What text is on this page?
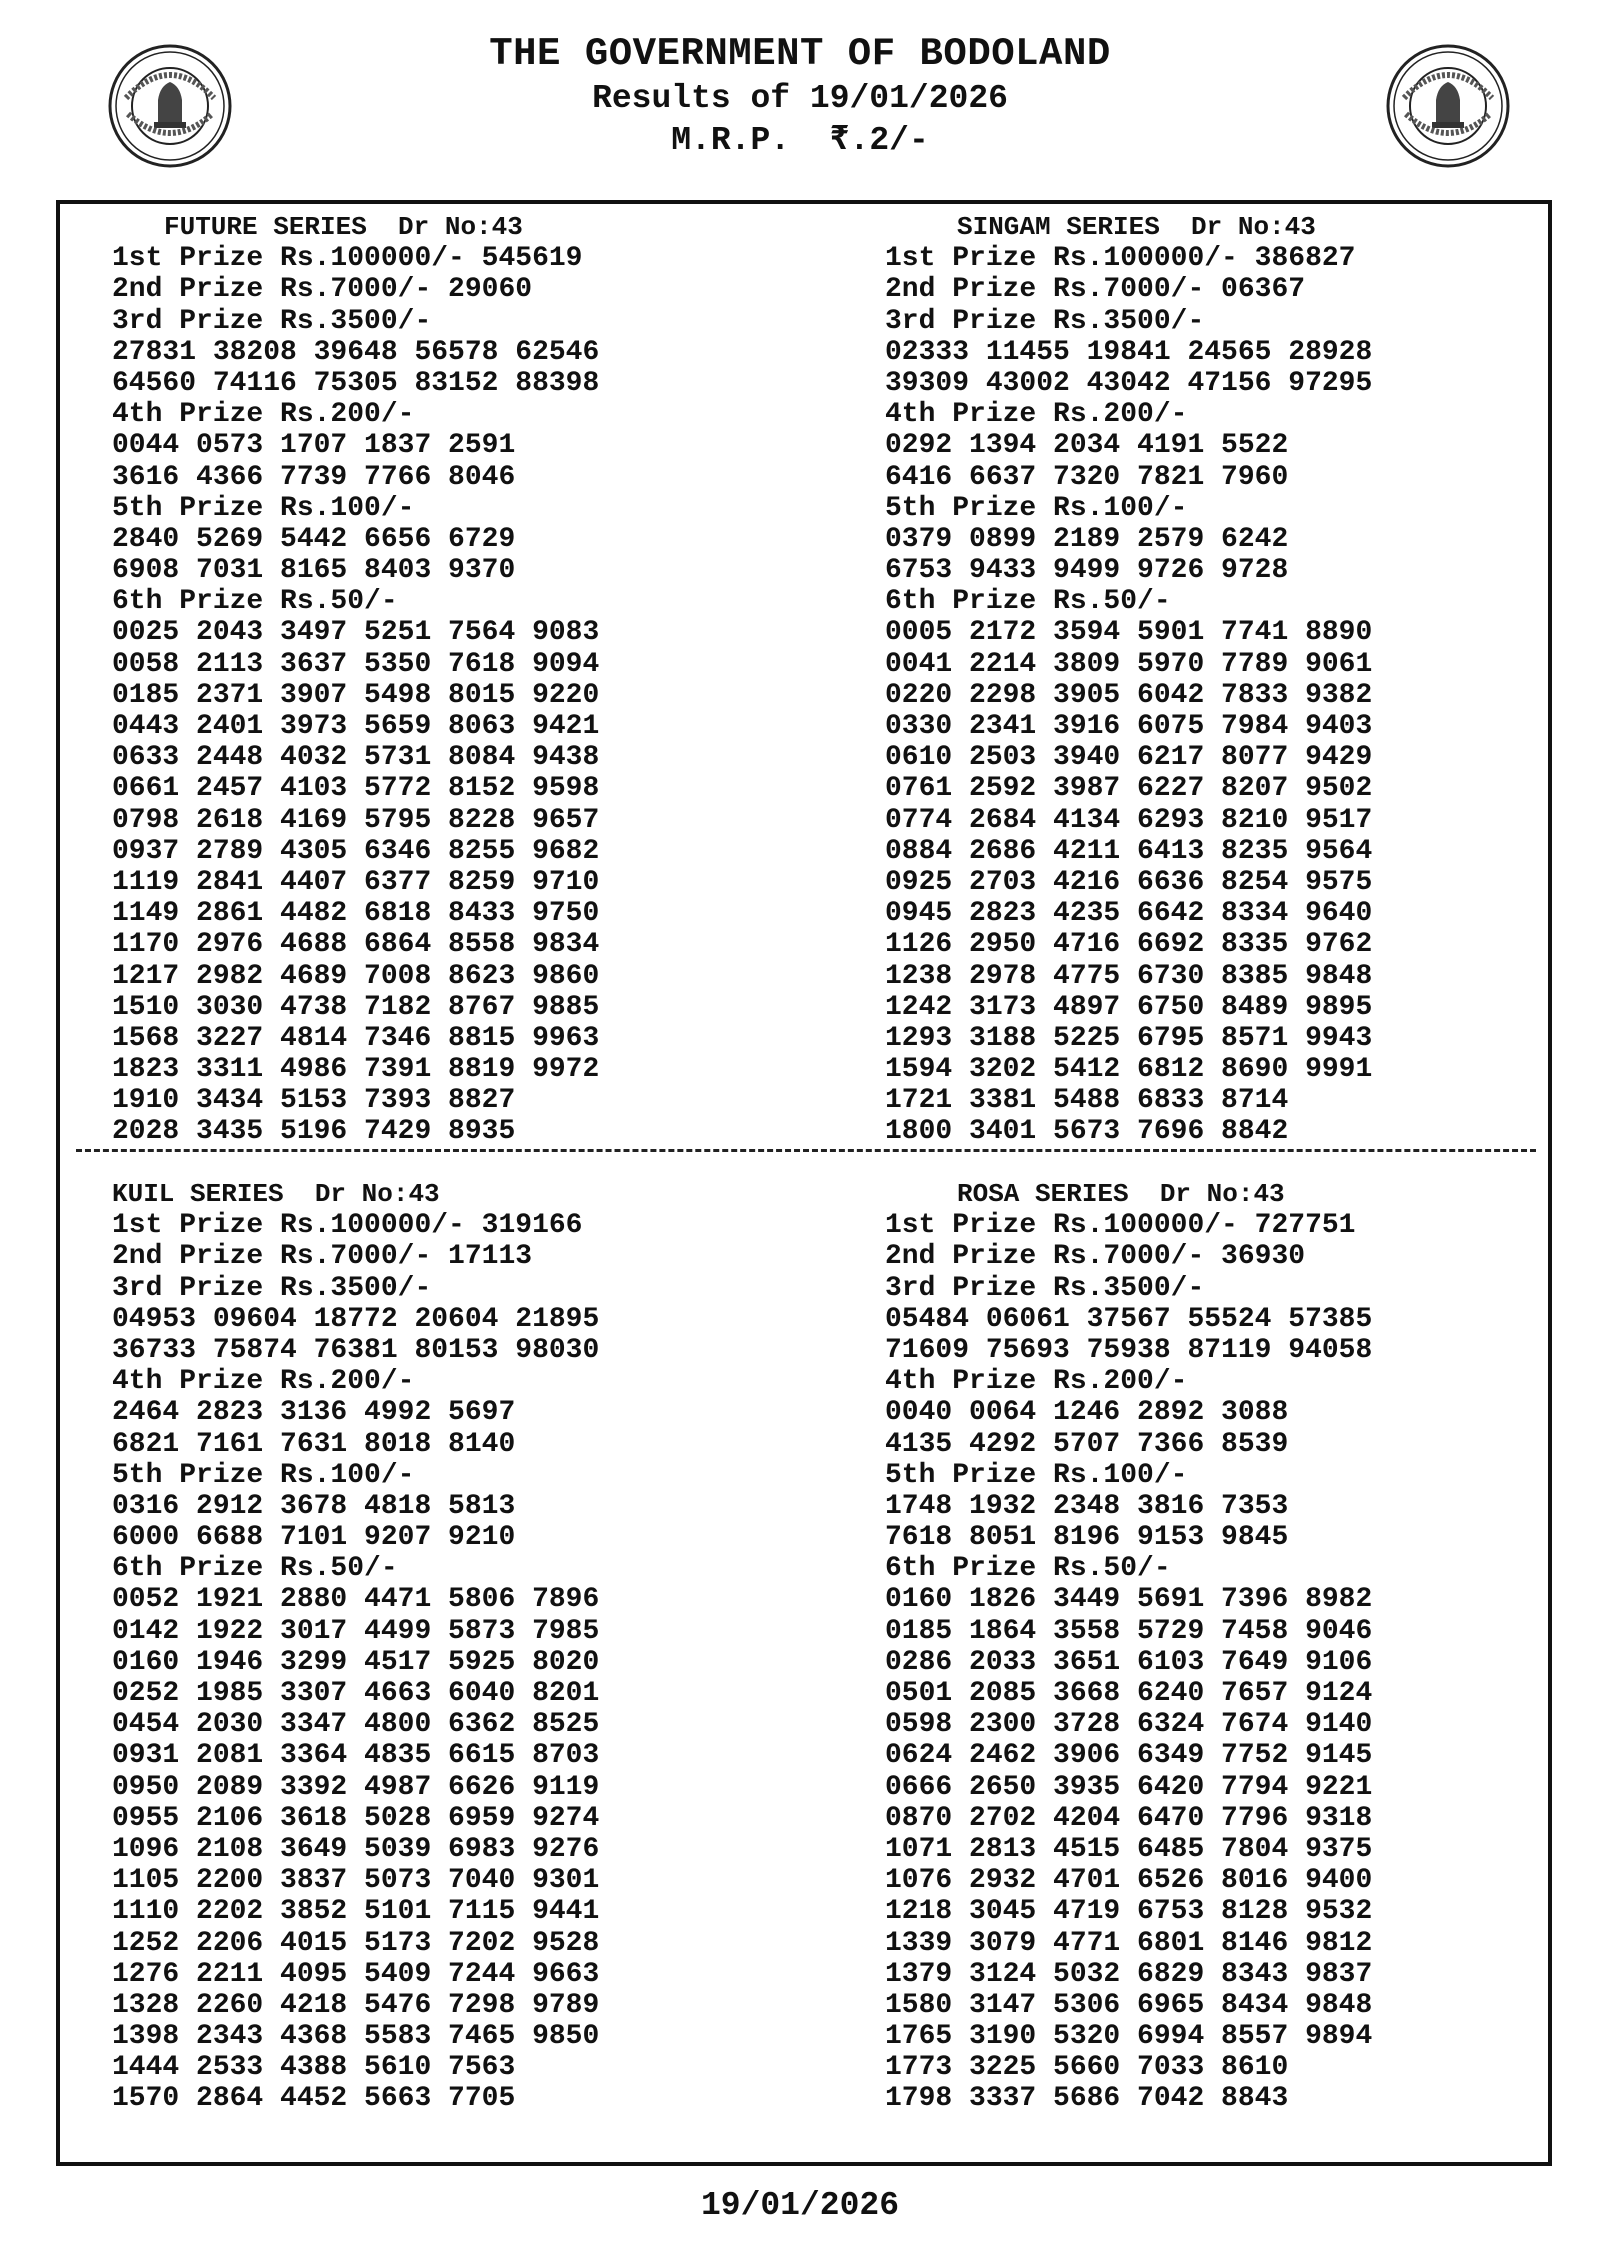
THE GOVERNMENT OF BODOLAND
Results of 19/01/2026
M.R.P.  ₹.2/-
FUTURE SERIES  Dr No:43
1st Prize Rs.100000/- 545619
2nd Prize Rs.7000/- 29060
3rd Prize Rs.3500/-
27831 38208 39648 56578 62546
64560 74116 75305 83152 88398
4th Prize Rs.200/-
0044 0573 1707 1837 2591
3616 4366 7739 7766 8046
5th Prize Rs.100/-
2840 5269 5442 6656 6729
6908 7031 8165 8403 9370
6th Prize Rs.50/-
0025 2043 3497 5251 7564 9083
0058 2113 3637 5350 7618 9094
0185 2371 3907 5498 8015 9220
0443 2401 3973 5659 8063 9421
0633 2448 4032 5731 8084 9438
0661 2457 4103 5772 8152 9598
0798 2618 4169 5795 8228 9657
0937 2789 4305 6346 8255 9682
1119 2841 4407 6377 8259 9710
1149 2861 4482 6818 8433 9750
1170 2976 4688 6864 8558 9834
1217 2982 4689 7008 8623 9860
1510 3030 4738 7182 8767 9885
1568 3227 4814 7346 8815 9963
1823 3311 4986 7391 8819 9972
1910 3434 5153 7393 8827
2028 3435 5196 7429 8935
SINGAM SERIES  Dr No:43
1st Prize Rs.100000/- 386827
2nd Prize Rs.7000/- 06367
3rd Prize Rs.3500/-
02333 11455 19841 24565 28928
39309 43002 43042 47156 97295
4th Prize Rs.200/-
0292 1394 2034 4191 5522
6416 6637 7320 7821 7960
5th Prize Rs.100/-
0379 0899 2189 2579 6242
6753 9433 9499 9726 9728
6th Prize Rs.50/-
0005 2172 3594 5901 7741 8890
0041 2214 3809 5970 7789 9061
0220 2298 3905 6042 7833 9382
0330 2341 3916 6075 7984 9403
0610 2503 3940 6217 8077 9429
0761 2592 3987 6227 8207 9502
0774 2684 4134 6293 8210 9517
0884 2686 4211 6413 8235 9564
0925 2703 4216 6636 8254 9575
0945 2823 4235 6642 8334 9640
1126 2950 4716 6692 8335 9762
1238 2978 4775 6730 8385 9848
1242 3173 4897 6750 8489 9895
1293 3188 5225 6795 8571 9943
1594 3202 5412 6812 8690 9991
1721 3381 5488 6833 8714
1800 3401 5673 7696 8842
KUIL SERIES  Dr No:43
1st Prize Rs.100000/- 319166
2nd Prize Rs.7000/- 17113
3rd Prize Rs.3500/-
04953 09604 18772 20604 21895
36733 75874 76381 80153 98030
4th Prize Rs.200/-
2464 2823 3136 4992 5697
6821 7161 7631 8018 8140
5th Prize Rs.100/-
0316 2912 3678 4818 5813
6000 6688 7101 9207 9210
6th Prize Rs.50/-
0052 1921 2880 4471 5806 7896
0142 1922 3017 4499 5873 7985
0160 1946 3299 4517 5925 8020
0252 1985 3307 4663 6040 8201
0454 2030 3347 4800 6362 8525
0931 2081 3364 4835 6615 8703
0950 2089 3392 4987 6626 9119
0955 2106 3618 5028 6959 9274
1096 2108 3649 5039 6983 9276
1105 2200 3837 5073 7040 9301
1110 2202 3852 5101 7115 9441
1252 2206 4015 5173 7202 9528
1276 2211 4095 5409 7244 9663
1328 2260 4218 5476 7298 9789
1398 2343 4368 5583 7465 9850
1444 2533 4388 5610 7563
1570 2864 4452 5663 7705
ROSA SERIES  Dr No:43
1st Prize Rs.100000/- 727751
2nd Prize Rs.7000/- 36930
3rd Prize Rs.3500/-
05484 06061 37567 55524 57385
71609 75693 75938 87119 94058
4th Prize Rs.200/-
0040 0064 1246 2892 3088
4135 4292 5707 7366 8539
5th Prize Rs.100/-
1748 1932 2348 3816 7353
7618 8051 8196 9153 9845
6th Prize Rs.50/-
0160 1826 3449 5691 7396 8982
0185 1864 3558 5729 7458 9046
0286 2033 3651 6103 7649 9106
0501 2085 3668 6240 7657 9124
0598 2300 3728 6324 7674 9140
0624 2462 3906 6349 7752 9145
0666 2650 3935 6420 7794 9221
0870 2702 4204 6470 7796 9318
1071 2813 4515 6485 7804 9375
1076 2932 4701 6526 8016 9400
1218 3045 4719 6753 8128 9532
1339 3079 4771 6801 8146 9812
1379 3124 5032 6829 8343 9837
1580 3147 5306 6965 8434 9848
1765 3190 5320 6994 8557 9894
1773 3225 5660 7033 8610
1798 3337 5686 7042 8843
19/01/2026
